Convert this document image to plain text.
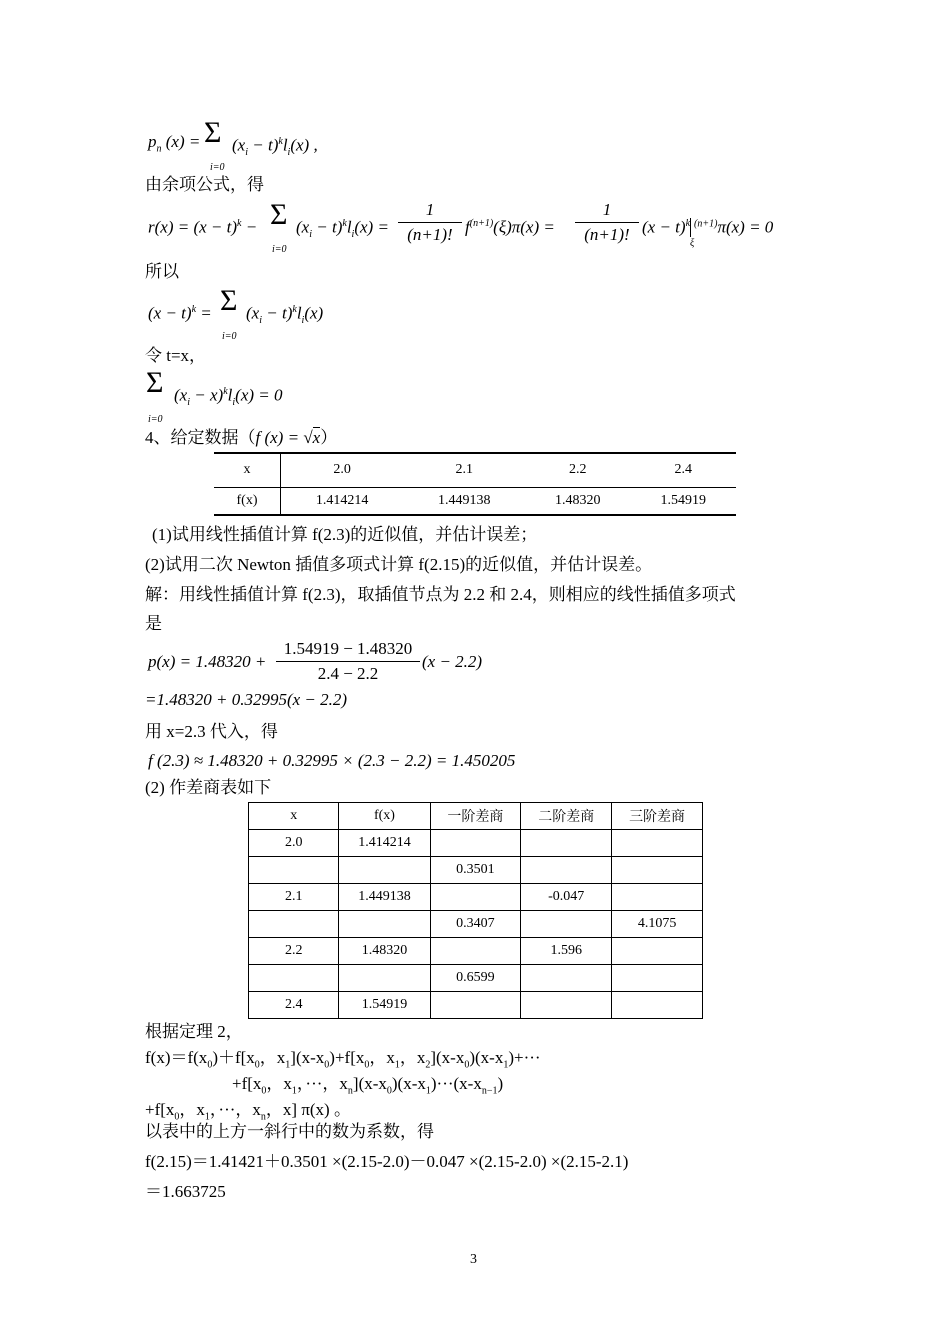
$p_n$ (x) = Σ $(x_i - t)^kl_i(x)$ ,
i=0
由余项公式，得
$r(x) = (x - t)^k - \Sigma$ $(x_i - t)^kl_i(x)$ =
i=0
1
(n+1)! $f^{(n+1)}(\xi)\pi(x)$ =
1
(n+1)! $(x - t)^k$ $^{(n+1)}$π(x) = 0
ξ
所以
$(x - t)^k = \Sigma$ $(x_i - t)^kl_i(x)$
i=0
令 t=x，
Σ $(x_i - x)^kl_i(x) = 0$
i=0
4、给定数据（f (x) = √x）
x	2.0	2.1	2.2	2.4
f(x)	1.414214	1.449138	1.48320	1.54919
(1)试用线性插值计算 f(2.3)的近似值，并估计误差；
(2)试用二次 Newton 插值多项式计算 f(2.15)的近似值，并估计误差。
解：用线性插值计算 f(2.3)，取插值节点为 2.2 和 2.4，则相应的线性插值多项式
是
p(x) = 1.48320 +
1.54919 − 1.48320
2.4 − 2.2
(x − 2.2)
=1.48320 + 0.32995(x − 2.2)
用 x=2.3 代入，得
f (2.3) ≈ 1.48320 + 0.32995 × (2.3 − 2.2) = 1.450205
(2) 作差商表如下
x	f(x)	一阶差商	二阶差商	三阶差商
2.0	1.414214			
		0.3501		
2.1	1.449138		-0.047	
		0.3407		4.1075
2.2	1.48320		1.596	
		0.6599		
2.4	1.54919			
根据定理 2，
$f(x)=f(x_0)+f[x_0$，$x_1](x-x_0)+f[x_0$，$x_1$，$x_2](x-x_0)(x-x_1)+\cdot\cdot\cdot$
$+f[x_0$，$x_1$，···，$x_n](x-x_0)(x-x_1)\cdot\cdot\cdot(x-x_{n-1})$
$+f[x_0$，$x_1$，···，$x_n$，x] π(x) 。
以表中的上方一斜行中的数为系数，得
f(2.15)＝1.41421＋0.3501 ×(2.15-2.0)－0.047 ×(2.15-2.0) ×(2.15-2.1)
＝1.663725
3
